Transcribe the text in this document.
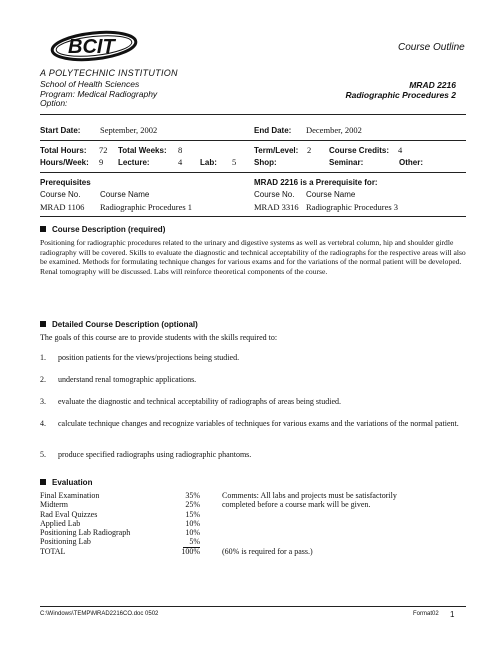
BCIT
A POLYTECHNIC INSTITUTION
School of Health Sciences
Program: Medical Radiography
Option:
Course Outline
MRAD 2216
Radiographic Procedures 2
Start Date: September, 2002	End Date: December, 2002
Total Hours: 72 Total Weeks: 8	Term/Level: 2 Course Credits: 4
Hours/Week: 9 Lecture:	4 Lab: 5 Shop:	Seminar:	Other:
Prerequisites
Course No. Course Name
MRAD 1106 Radiographic Procedures 1
MRAD 2216 is a Prerequisite for:
Course No. Course Name
MRAD 3316 Radiographic Procedures 3
Course Description (required)
Positioning for radiographic procedures related to the urinary and digestive systems as well as vertebral column, hip and shoulder girdle radiography will be covered. Skills to evaluate the diagnostic and technical acceptability of the radiographs for the respective areas will also be examined. Methods for formulating technique changes for various exams and for the variations of the normal patient will be developed. Renal tomography will be discussed. Labs will reinforce theoretical components of the course.
Detailed Course Description (optional)
The goals of this course are to provide students with the skills required to:
1. position patients for the views/projections being studied.
2. understand renal tomographic applications.
3. evaluate the diagnostic and technical acceptability of radiographs of areas being studied.
4. calculate technique changes and recognize variables of techniques for various exams and the variations of the normal patient.
5. produce specified radiographs using radiographic phantoms.
Evaluation
Final Examination	35%
Midterm	25%
Rad Eval Quizzes	15%
Applied Lab	10%
Positioning Lab Radiograph	10%
Positioning Lab	5%
TOTAL	100%
Comments: All labs and projects must be satisfactorily completed before a course mark will be given.
(60% is required for a pass.)
C:\Windows\TEMP\MRAD2216CO.doc 0502	Format02 1
